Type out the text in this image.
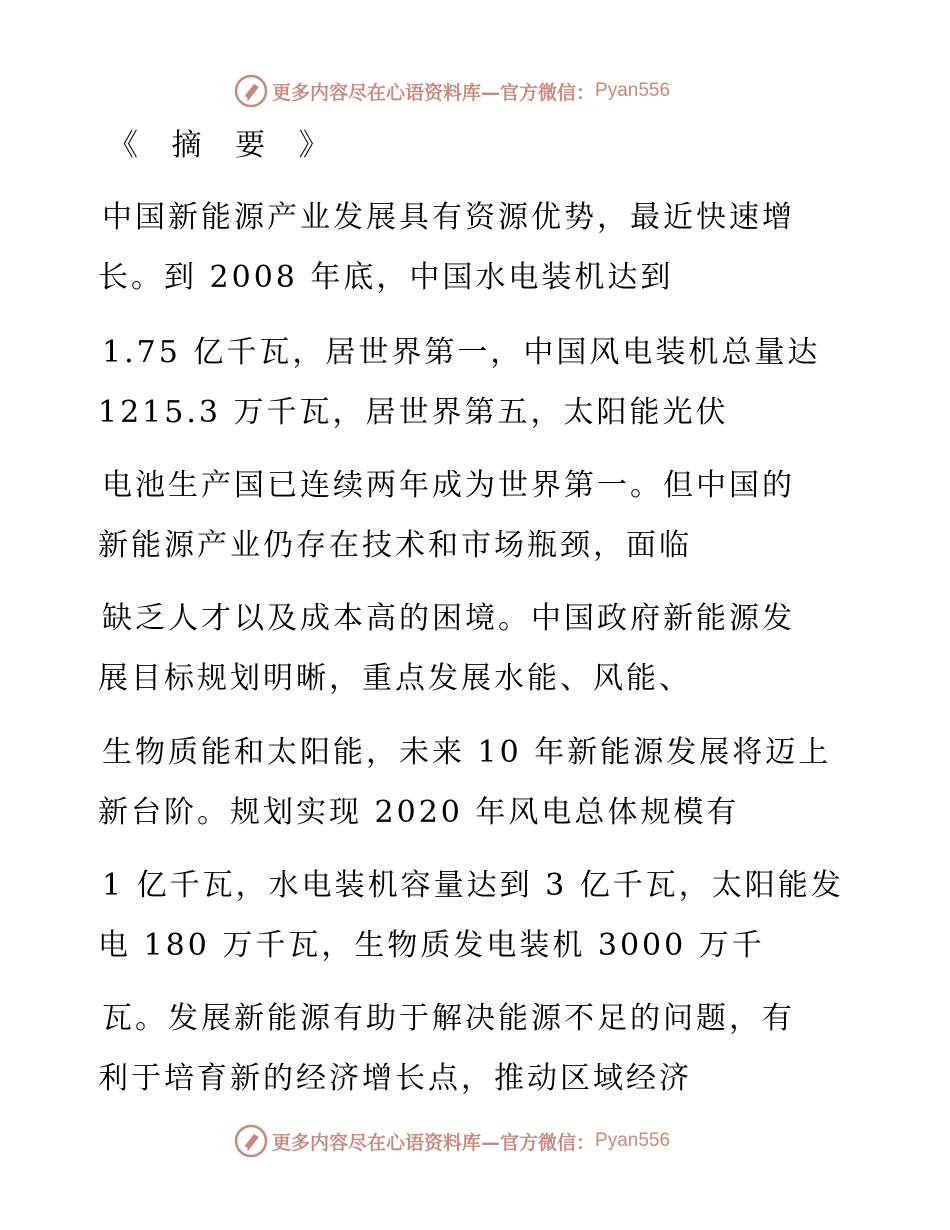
更多内容尽在心语资料库—官方微信： Pyan556
《 摘 要 》
中国新能源产业发展具有资源优势，最近快速增
长。到 2008 年底，中国水电装机达到
1.75 亿千瓦，居世界第一，中国风电装机总量达
1215.3 万千瓦，居世界第五，太阳能光伏
电池生产国已连续两年成为世界第一。但中国的
新能源产业仍存在技术和市场瓶颈，面临
缺乏人才以及成本高的困境。中国政府新能源发
展目标规划明晰，重点发展水能、风能、
生物质能和太阳能，未来 10 年新能源发展将迈上
新台阶。规划实现 2020 年风电总体规模有
1 亿千瓦，水电装机容量达到 3 亿千瓦，太阳能发
电 180 万千瓦，生物质发电装机 3000 万千
瓦。发展新能源有助于解决能源不足的问题，有
利于培育新的经济增长点，推动区域经济
更多内容尽在心语资料库—官方微信： Pyan556
